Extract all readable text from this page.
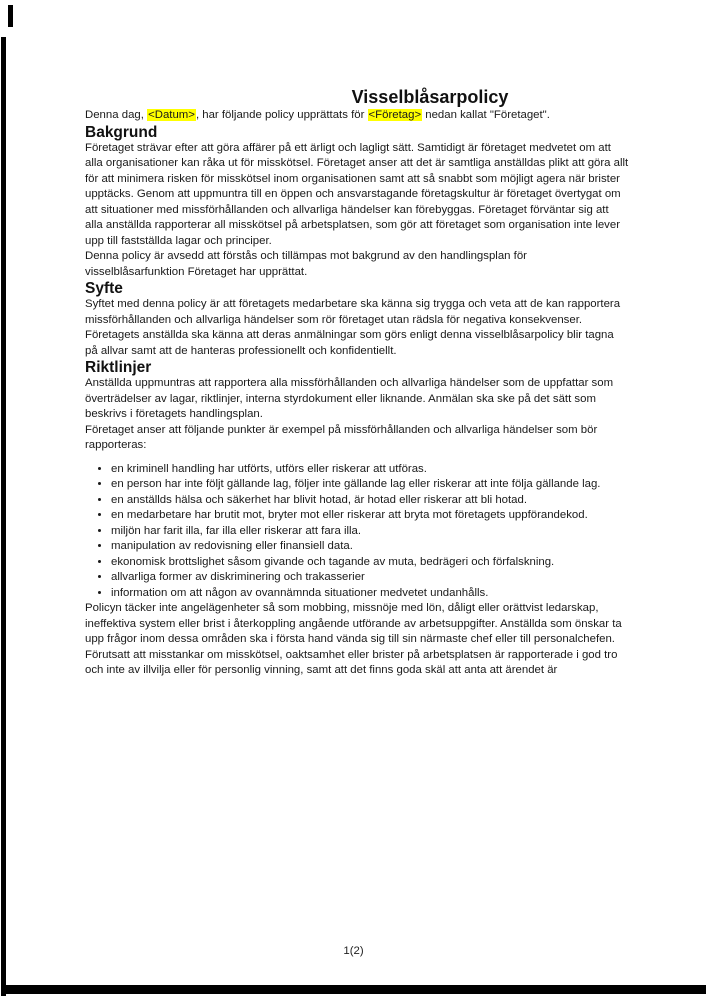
Visselblåsarpolicy

Denna dag, <Datum>, har följande policy upprättats för <Företag> nedan kallat "Företaget".

Bakgrund

Företaget strävar efter att göra affärer på ett ärligt och lagligt sätt. Samtidigt är företaget medvetet om att alla organisationer kan råka ut för misskötsel. Företaget anser att det är samtliga anställdas plikt att göra allt för att minimera risken för misskötsel inom organisationen samt att så snabbt som möjligt agera när brister upptäcks. Genom att uppmuntra till en öppen och ansvarstagande företagskultur är företaget övertygat om att situationer med missförhållanden och allvarliga händelser kan förebyggas. Företaget förväntar sig att alla anställda rapporterar all misskötsel på arbetsplatsen, som gör att företaget som organisation inte lever upp till fastställda lagar och principer.

Denna policy är avsedd att förstås och tillämpas mot bakgrund av den handlingsplan för visselblåsarfunktion Företaget har upprättat.

Syfte

Syftet med denna policy är att företagets medarbetare ska känna sig trygga och veta att de kan rapportera missförhållanden och allvarliga händelser som rör företaget utan rädsla för negativa konsekvenser. Företagets anställda ska känna att deras anmälningar som görs enligt denna visselblåsarpolicy blir tagna på allvar samt att de hanteras professionellt och konfidentiellt.

Riktlinjer

Anställda uppmuntras att rapportera alla missförhållanden och allvarliga händelser som de uppfattar som överträdelser av lagar, riktlinjer, interna styrdokument eller liknande. Anmälan ska ske på det sätt som beskrivs i företagets handlingsplan.

Företaget anser att följande punkter är exempel på missförhållanden och allvarliga händelser som bör rapporteras:

• en kriminell handling har utförts, utförs eller riskerar att utföras.
• en person har inte följt gällande lag, följer inte gällande lag eller riskerar att inte följa gällande lag.
• en anställds hälsa och säkerhet har blivit hotad, är hotad eller riskerar att bli hotad.
• en medarbetare har brutit mot, bryter mot eller riskerar att bryta mot företagets uppförandekod.
• miljön har farit illa, far illa eller riskerar att fara illa.
• manipulation av redovisning eller finansiell data.
• ekonomisk brottslighet såsom givande och tagande av muta, bedrägeri och förfalskning.
• allvarliga former av diskriminering och trakasserier
• information om att någon av ovannämnda situationer medvetet undanhålls.

Policyn täcker inte angelägenheter så som mobbing, missnöje med lön, dåligt eller orättvist ledarskap, ineffektiva system eller brist i återkoppling angående utförande av arbetsuppgifter. Anställda som önskar ta upp frågor inom dessa områden ska i första hand vända sig till sin närmaste chef eller till personalchefen.

Förutsatt att misstankar om misskötsel, oaktsamhet eller brister på arbetsplatsen är rapporterade i god tro och inte av illvilja eller för personlig vinning, samt att det finns goda skäl att anta att ärendet är

1(2)
